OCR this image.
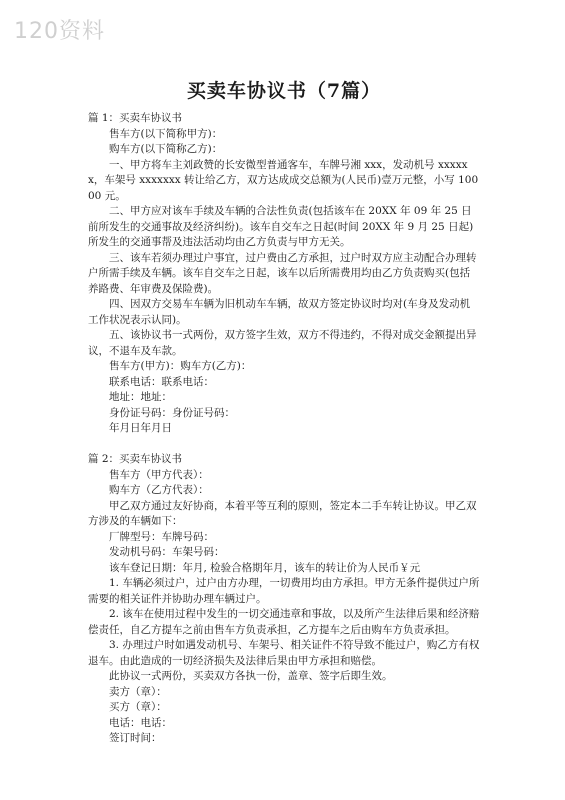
120资料
买卖车协议书（7篇）
篇 1：买卖车协议书
售车方(以下简称甲方)：
购车方(以下简称乙方)：
一、甲方将车主刘政赞的长安微型普通客车，车牌号湘 xxx，发动机号 xxxxxx，车架号 xxxxxxx 转让给乙方，双方达成成交总额为(人民币)壹万元整，小写 10000 元。
二、甲方应对该车手续及车辆的合法性负责(包括该车在 20XX 年 09 年 25 日前所发生的交通事故及经济纠纷)。该车自交车之日起(时间 20XX 年 9 月 25 日起)所发生的交通事帮及违法活动均由乙方负责与甲方无关。
三、该车若须办理过户事宜，过户费由乙方承担，过户时双方应主动配合办理转户所需手续及车辆。该车自交车之日起，该车以后所需费用均由乙方负责购买(包括养路费、年审费及保险费)。
四、因双方交易车车辆为旧机动车车辆，故双方签定协议时均对(车身及发动机工作状况表示认同)。
五、该协议书一式两份，双方签字生效，双方不得违约，不得对成交金额提出异议，不退车及车款。
售车方(甲方)：购车方(乙方)：
联系电话：联系电话：
地址：地址：
身份证号码：身份证号码：
年月日年月日
篇 2：买卖车协议书
售车方（甲方代表）：
购车方（乙方代表）：
甲乙双方通过友好协商，本着平等互利的原则，签定本二手车转让协议。甲乙双方涉及的车辆如下：
厂牌型号：车牌号码：
发动机号码：车架号码：
该车登记日期：年月, 检验合格期年月，该车的转让价为人民币￥元
1. 车辆必须过户，过户由方办理，一切费用均由方承担。甲方无条件提供过户所需要的相关证件并协助办理车辆过户。
2. 该车在使用过程中发生的一切交通违章和事故，以及所产生法律后果和经济赔偿责任，自乙方提车之前由售车方负责承担，乙方提车之后由购车方负责承担。
3. 办理过户时如遇发动机号、车架号、相关证件不符导致不能过户，购乙方有权退车。由此造成的一切经济损失及法律后果由甲方承担和赔偿。
此协议一式两份，买卖双方各执一份，盖章、签字后即生效。
卖方（章）：
买方（章）：
电话：电话：
签订时间：
